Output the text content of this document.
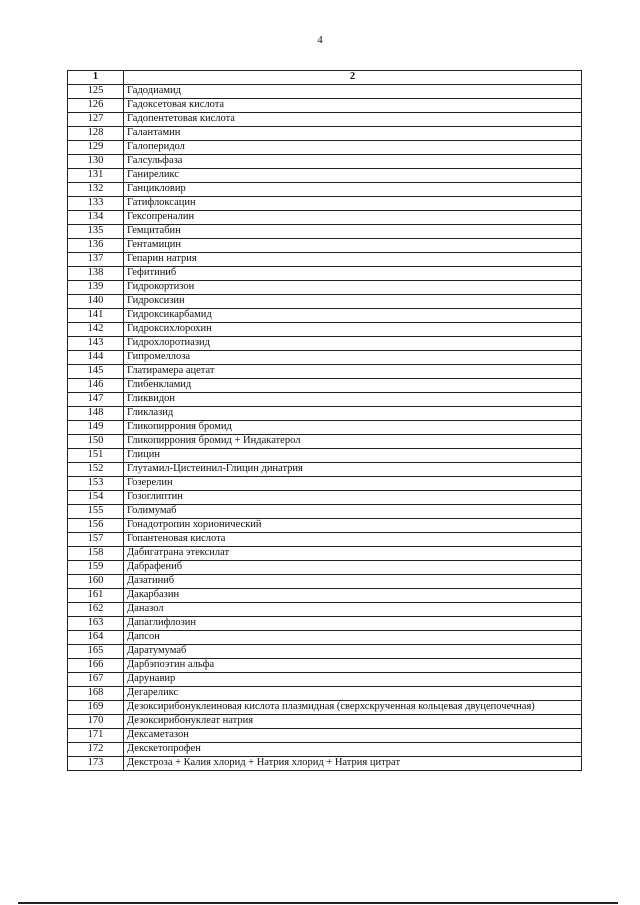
4
1	2
125	Гадодиамид
126	Гадоксетовая кислота
127	Гадопентетовая кислота
128	Галантамин
129	Галоперидол
130	Галсульфаза
131	Ганиреликс
132	Ганцикловир
133	Гатифлоксацин
134	Гексопреналин
135	Гемцитабин
136	Гентамицин
137	Гепарин натрия
138	Гефитиниб
139	Гидрокортизон
140	Гидроксизин
141	Гидроксикарбамид
142	Гидроксихлорохин
143	Гидрохлоротиазид
144	Гипромеллоза
145	Глатирамера ацетат
146	Глибенкламид
147	Гликвидон
148	Гликлазид
149	Гликопиррония бромид
150	Гликопиррония бромид + Индакатерол
151	Глицин
152	Глутамил-Цистеинил-Глицин динатрия
153	Гозерелин
154	Гозоглиптин
155	Голимумаб
156	Гонадотропин хорионический
157	Гопантеновая кислота
158	Дабигатрана этексилат
159	Дабрафениб
160	Дазатиниб
161	Дакарбазин
162	Даназол
163	Дапаглифлозин
164	Дапсон
165	Даратумумаб
166	Дарбэпоэтин альфа
167	Дарунавир
168	Дегареликс
169	Дезоксирибонуклеиновая кислота плазмидная (сверхскрученная кольцевая двуцепочечная)
170	Дезоксирибонуклеат натрия
171	Дексаметазон
172	Декскетопрофен
173	Декстроза + Калия хлорид + Натрия хлорид + Натрия цитрат
